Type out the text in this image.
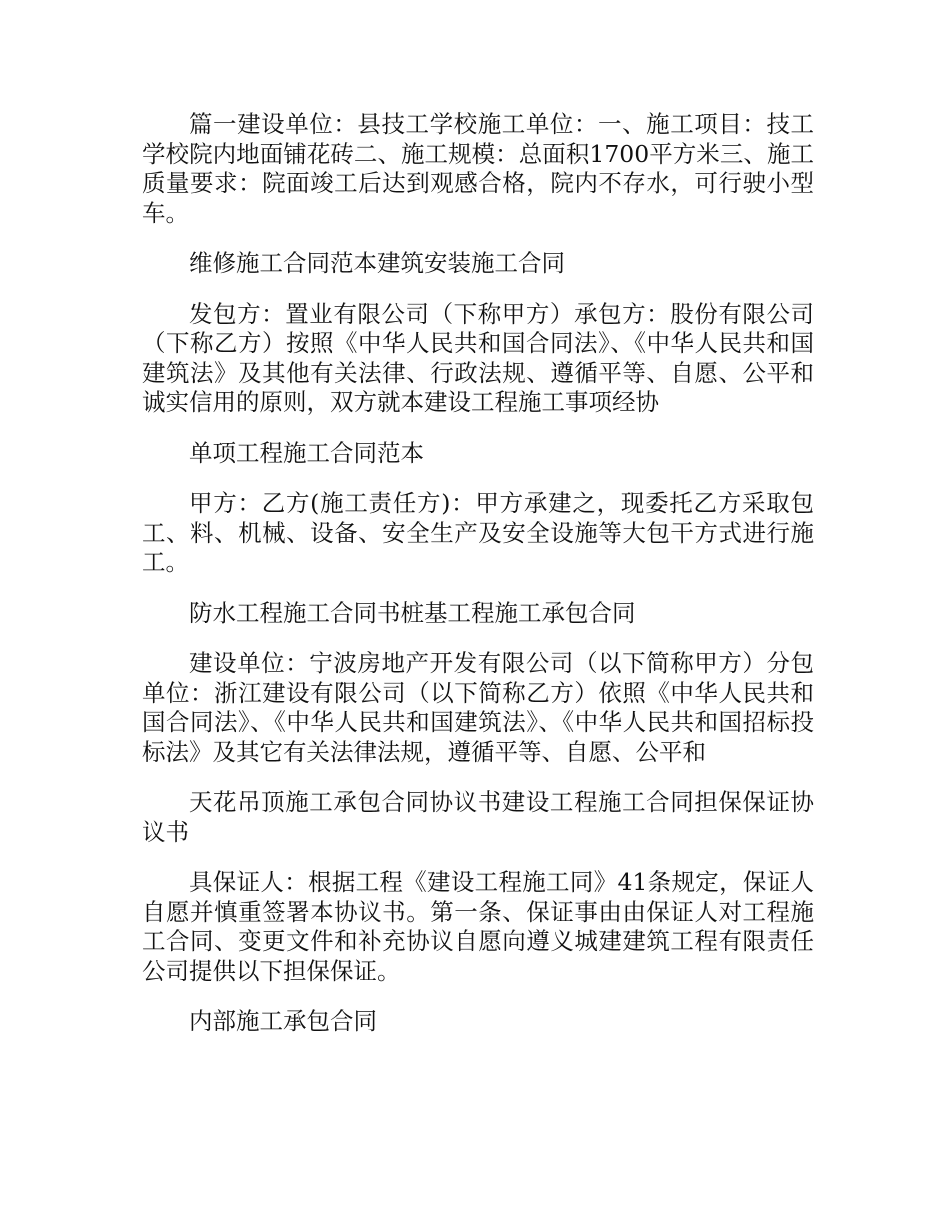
篇一建设单位：县技工学校施工单位：一、施工项目：技工学校院内地面铺花砖二、施工规模：总面积1700平方米三、施工质量要求：院面竣工后达到观感合格，院内不存水，可行驶小型车。

维修施工合同范本建筑安装施工合同

发包方：置业有限公司（下称甲方）承包方：股份有限公司（下称乙方）按照《中华人民共和国合同法》、《中华人民共和国建筑法》及其他有关法律、行政法规、遵循平等、自愿、公平和诚实信用的原则，双方就本建设工程施工事项经协

单项工程施工合同范本

甲方：乙方(施工责任方)：甲方承建之，现委托乙方采取包工、料、机械、设备、安全生产及安全设施等大包干方式进行施工。

防水工程施工合同书桩基工程施工承包合同

建设单位：宁波房地产开发有限公司（以下简称甲方）分包单位：浙江建设有限公司（以下简称乙方）依照《中华人民共和国合同法》、《中华人民共和国建筑法》、《中华人民共和国招标投标法》及其它有关法律法规，遵循平等、自愿、公平和

天花吊顶施工承包合同协议书建设工程施工合同担保保证协议书

具保证人：根据工程《建设工程施工同》41条规定，保证人自愿并慎重签署本协议书。第一条、保证事由由保证人对工程施工合同、变更文件和补充协议自愿向遵义城建建筑工程有限责任公司提供以下担保保证。

内部施工承包合同
